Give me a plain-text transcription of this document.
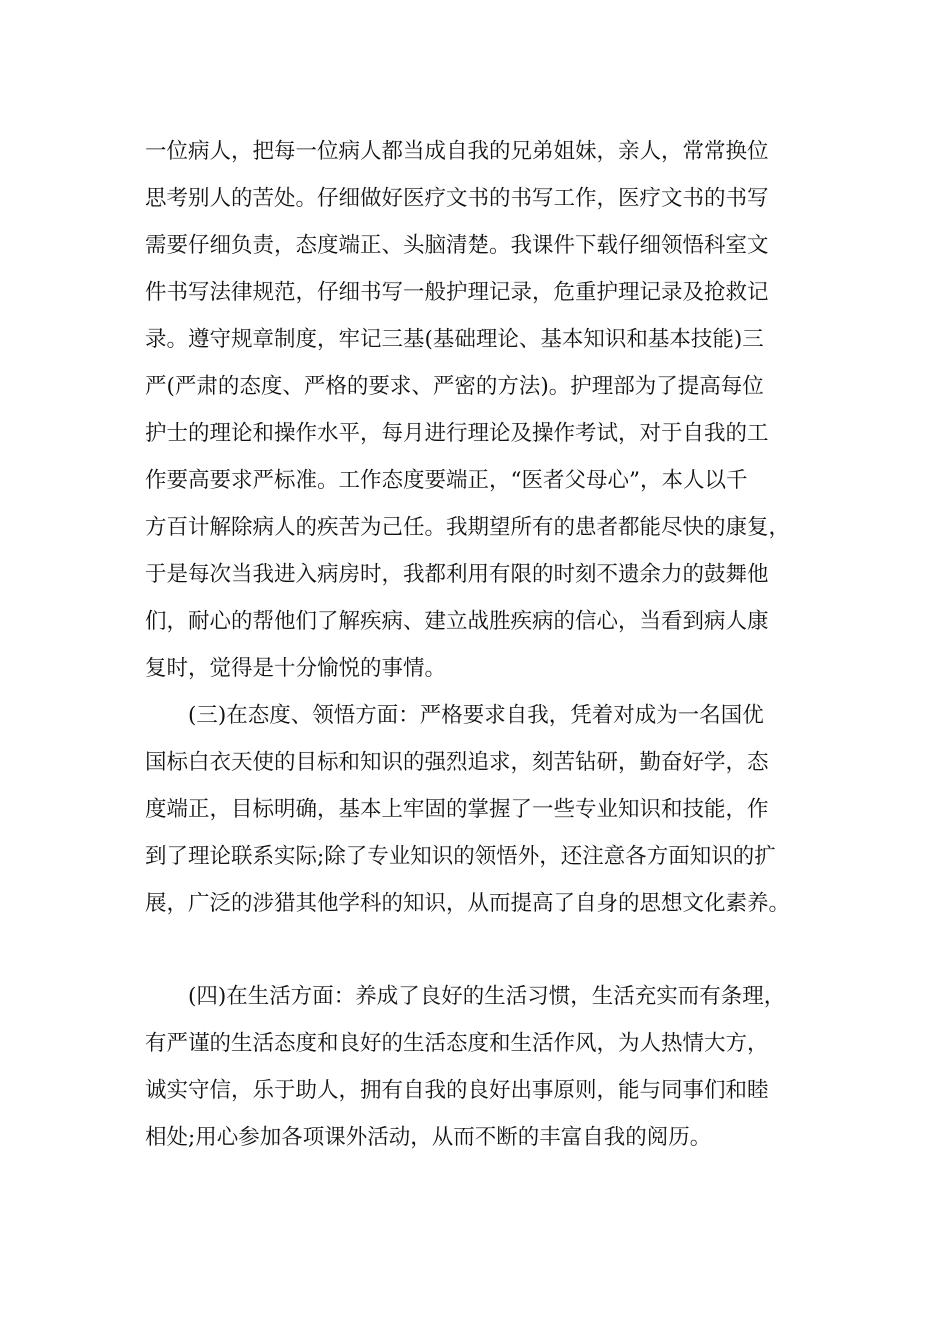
一位病人，把每一位病人都当成自我的兄弟姐妹，亲人，常常换位

思考别人的苦处。仔细做好医疗文书的书写工作，医疗文书的书写

需要仔细负责，态度端正、头脑清楚。我课件下载仔细领悟科室文

件书写法律规范，仔细书写一般护理记录，危重护理记录及抢救记

录。遵守规章制度，牢记三基(基础理论、基本知识和基本技能)三

严(严肃的态度、严格的要求、严密的方法)。护理部为了提高每位

护士的理论和操作水平，每月进行理论及操作考试，对于自我的工

作要高要求严标准。工作态度要端正，“医者父母心”，本人以千

方百计解除病人的疾苦为己任。我期望所有的患者都能尽快的康复，

于是每次当我进入病房时，我都利用有限的时刻不遗余力的鼓舞他

们，耐心的帮他们了解疾病、建立战胜疾病的信心，当看到病人康

复时，觉得是十分愉悦的事情。

(三)在态度、领悟方面：严格要求自我，凭着对成为一名国优

国标白衣天使的目标和知识的强烈追求，刻苦钻研，勤奋好学，态

度端正，目标明确，基本上牢固的掌握了一些专业知识和技能，作

到了理论联系实际;除了专业知识的领悟外，还注意各方面知识的扩

展，广泛的涉猎其他学科的知识，从而提高了自身的思想文化素养。

(四)在生活方面：养成了良好的生活习惯，生活充实而有条理，

有严谨的生活态度和良好的生活态度和生活作风，为人热情大方，

诚实守信，乐于助人，拥有自我的良好出事原则，能与同事们和睦

相处;用心参加各项课外活动，从而不断的丰富自我的阅历。
